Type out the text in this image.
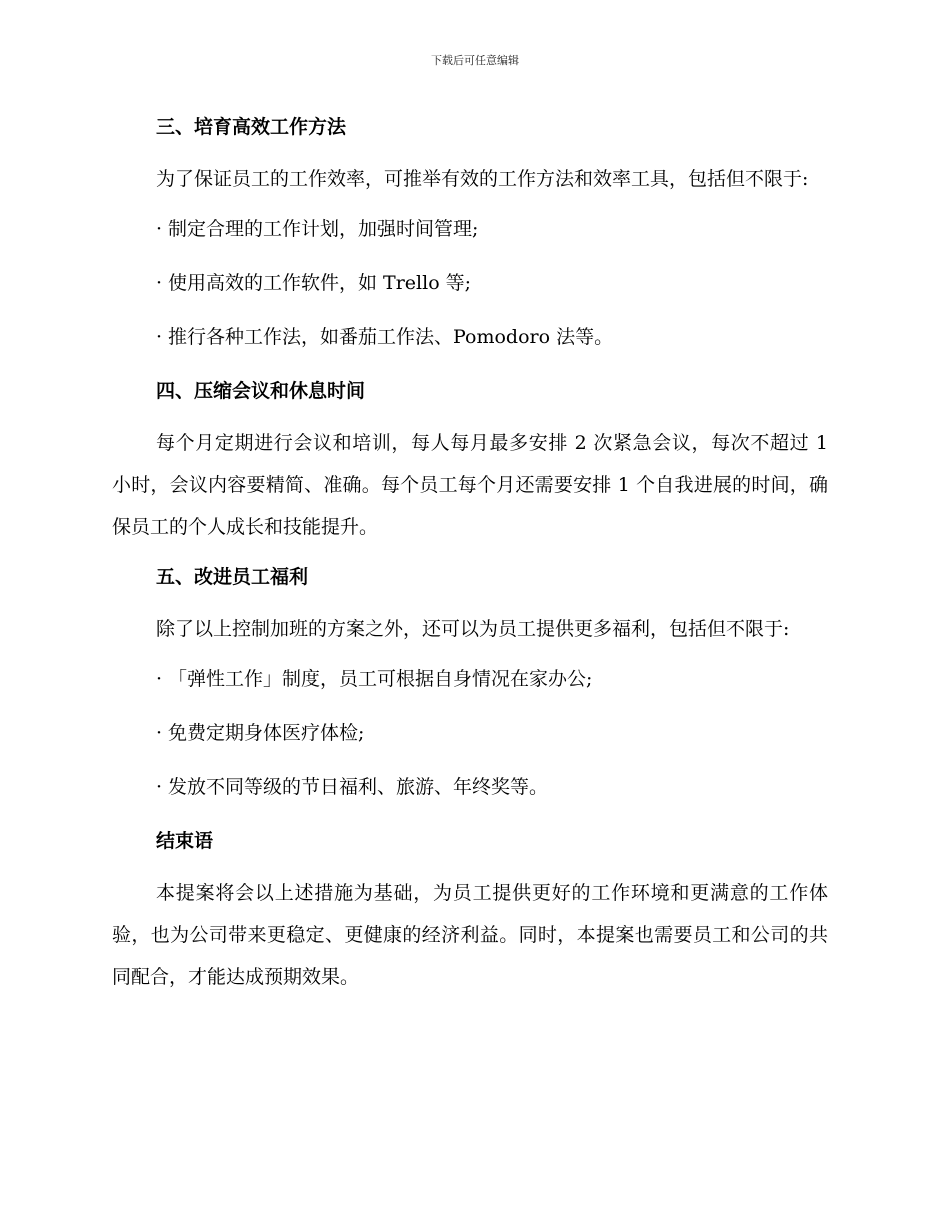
下载后可任意编辑
三、培育高效工作方法
为了保证员工的工作效率，可推举有效的工作方法和效率工具，包括但不限于:
· 制定合理的工作计划，加强时间管理;
· 使用高效的工作软件，如 Trello 等;
· 推行各种工作法，如番茄工作法、Pomodoro 法等。
四、压缩会议和休息时间
每个月定期进行会议和培训，每人每月最多安排 2 次紧急会议，每次不超过 1 小时，会议内容要精简、准确。每个员工每个月还需要安排 1 个自我进展的时间，确保员工的个人成长和技能提升。
五、改进员工福利
除了以上控制加班的方案之外，还可以为员工提供更多福利，包括但不限于:
· 「弹性工作」制度，员工可根据自身情况在家办公;
· 免费定期身体医疗体检;
· 发放不同等级的节日福利、旅游、年终奖等。
结束语
本提案将会以上述措施为基础，为员工提供更好的工作环境和更满意的工作体验，也为公司带来更稳定、更健康的经济利益。同时，本提案也需要员工和公司的共同配合，才能达成预期效果。
